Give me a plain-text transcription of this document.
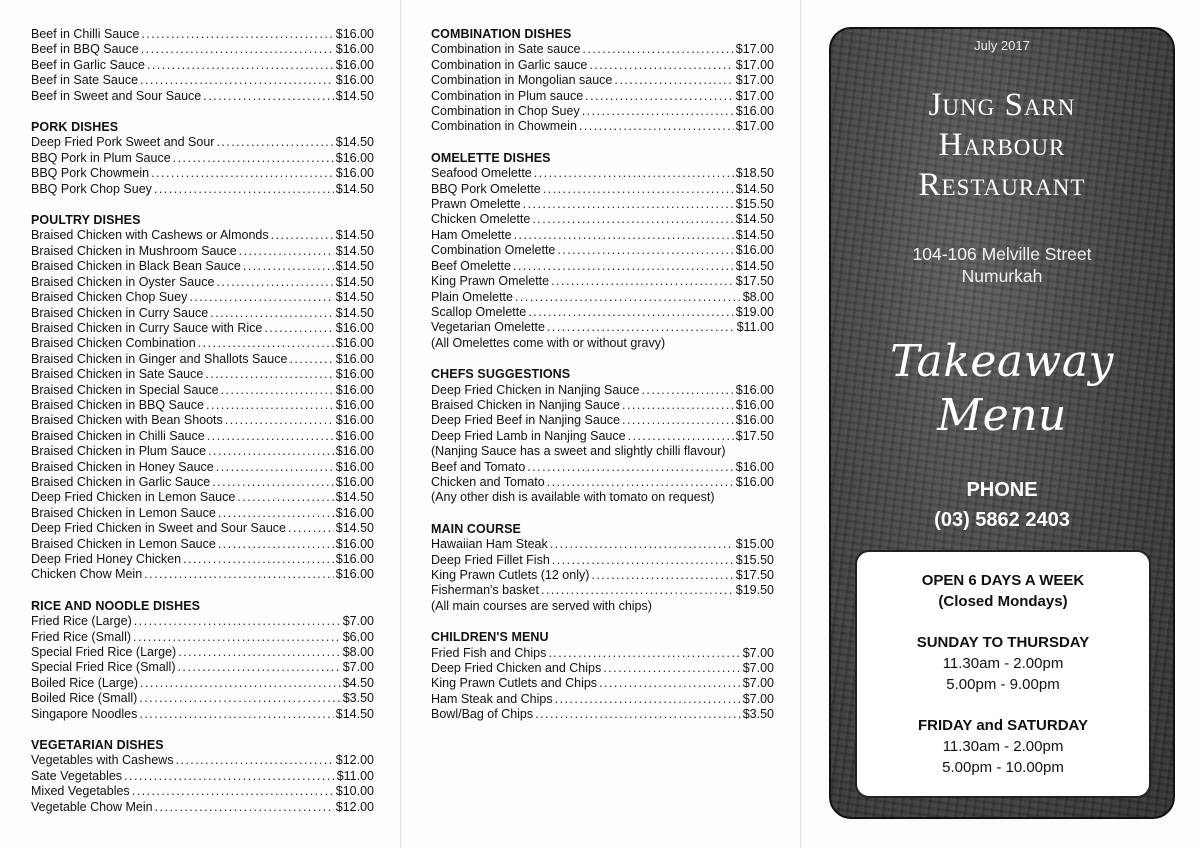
Beef in Chilli Sauce . . .	$16.00
Beef in BBQ Sauce . . .	$16.00
Beef in Garlic Sauce . . .	$16.00
Beef in Sate Sauce . . .	$16.00
Beef in Sweet and Sour Sauce . . .	$14.50
PORK DISHES
Deep Fried Pork Sweet and Sour . . .	$14.50
BBQ Pork in Plum Sauce . . .	$16.00
BBQ Pork Chowmein . . .	$16.00
BBQ Pork Chop Suey . . .	$14.50
POULTRY DISHES
Braised Chicken with Cashews or Almonds . . .	$14.50
Braised Chicken in Mushroom Sauce . . .	$14.50
Braised Chicken in Black Bean Sauce . . .	$14.50
Braised Chicken in Oyster Sauce . . .	$14.50
Braised Chicken Chop Suey . . .	$14.50
Braised Chicken in Curry Sauce . . .	$14.50
Braised Chicken in Curry Sauce with Rice . . .	$16.00
Braised Chicken Combination . . .	$16.00
Braised Chicken in Ginger and Shallots Sauce . . .	$16.00
Braised Chicken in Sate Sauce . . .	$16.00
Braised Chicken in Special Sauce . . .	$16.00
Braised Chicken in BBQ Sauce . . .	$16.00
Braised Chicken with Bean Shoots . . .	$16.00
Braised Chicken in Chilli Sauce . . .	$16.00
Braised Chicken in Plum Sauce . . .	$16.00
Braised Chicken in Honey Sauce . . .	$16.00
Braised Chicken in Garlic Sauce . . .	$16.00
Deep Fried Chicken in Lemon Sauce . . .	$14.50
Braised Chicken in Lemon Sauce . . .	$16.00
Deep Fried Chicken in Sweet and Sour Sauce . . .	$14.50
Braised Chicken in Lemon Sauce . . .	$16.00
Deep Fried Honey Chicken . . .	$16.00
Chicken Chow Mein . . .	$16.00
RICE AND NOODLE DISHES
Fried Rice (Large) . . .	$7.00
Fried Rice (Small) . . .	$6.00
Special Fried Rice (Large) . . .	$8.00
Special Fried Rice (Small) . . .	$7.00
Boiled Rice (Large) . . .	$4.50
Boiled Rice (Small) . . .	$3.50
Singapore Noodles . . .	$14.50
VEGETARIAN DISHES
Vegetables with Cashews . . .	$12.00
Sate Vegetables . . .	$11.00
Mixed Vegetables . . .	$10.00
Vegetable Chow Mein . . .	$12.00
COMBINATION DISHES
Combination in Sate sauce . . .	$17.00
Combination in Garlic sauce . . .	$17.00
Combination in Mongolian sauce . . .	$17.00
Combination in Plum sauce . . .	$17.00
Combination in Chop Suey . . .	$16.00
Combination in Chowmein . . .	$17.00
OMELETTE DISHES
Seafood Omelette . . .	$18.50
BBQ Pork Omelette . . .	$14.50
Prawn Omelette . . .	$15.50
Chicken Omelette . . .	$14.50
Ham Omelette . . .	$14.50
Combination Omelette . . .	$16.00
Beef Omelette . . .	$14.50
King Prawn Omelette . . .	$17.50
Plain Omelette . . .	$8.00
Scallop Omelette . . .	$19.00
Vegetarian Omelette . . .	$11.00
(All Omelettes come with or without gravy)
CHEFS SUGGESTIONS
Deep Fried Chicken in Nanjing Sauce . . .	$16.00
Braised Chicken in Nanjing Sauce . . .	$16.00
Deep Fried Beef in Nanjing Sauce . . .	$16.00
Deep Fried Lamb in Nanjing Sauce . . .	$17.50
(Nanjing Sauce has a sweet and slightly chilli flavour)
Beef and Tomato . . .	$16.00
Chicken and Tomato . . .	$16.00
(Any other dish is available with tomato on request)
MAIN COURSE
Hawaiian Ham Steak . . .	$15.00
Deep Fried Fillet Fish . . .	$15.50
King Prawn Cutlets (12 only) . . .	$17.50
Fisherman's basket . . .	$19.50
(All main courses are served with chips)
CHILDREN'S MENU
Fried Fish and Chips . . .	$7.00
Deep Fried Chicken and Chips . . .	$7.00
King Prawn Cutlets and Chips . . .	$7.00
Ham Steak and Chips . . .	$7.00
Bowl/Bag of Chips . . .	$3.50
July 2017
Jung Sarn
Harbour
Restaurant
104-106 Melville Street
Numurkah
Takeaway
Menu
PHONE
(03) 5862 2403
OPEN 6 DAYS A WEEK
(Closed Mondays)
SUNDAY TO THURSDAY
11.30am - 2.00pm
5.00pm - 9.00pm
FRIDAY and SATURDAY
11.30am - 2.00pm
5.00pm - 10.00pm
